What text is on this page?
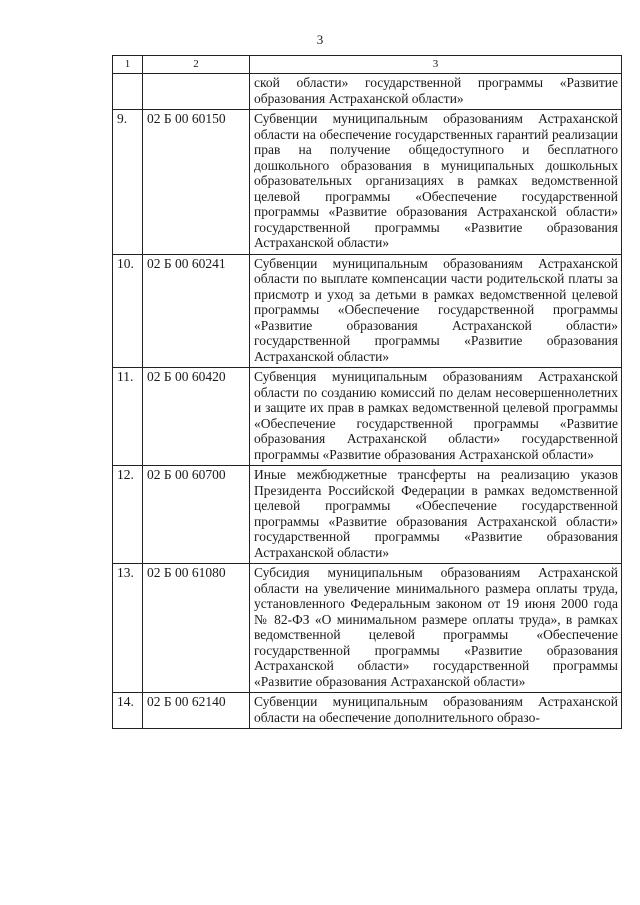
3
1	2	3
		ской области» государственной программы «Развитие образования Астраханской области»
9.	02 Б 00 60150	Субвенции муниципальным образованиям Астраханской области на обеспечение государственных гарантий реализации прав на получение общедоступного и бесплатного дошкольного образования в муниципальных дошкольных образовательных организациях в рамках ведомственной целевой программы «Обеспечение государственной программы «Развитие образования Астраханской области» государственной программы «Развитие образования Астраханской области»
10.	02 Б 00 60241	Субвенции муниципальным образованиям Астраханской области по выплате компенсации части родительской платы за присмотр и уход за детьми в рамках ведомственной целевой программы «Обеспечение государственной программы «Развитие образования Астраханской области» государственной программы «Развитие образования Астраханской области»
11.	02 Б 00 60420	Субвенция муниципальным образованиям Астраханской области по созданию комиссий по делам несовершеннолетних и защите их прав в рамках ведомственной целевой программы «Обеспечение государственной программы «Развитие образования Астраханской области» государственной программы «Развитие образования Астраханской области»
12.	02 Б 00 60700	Иные межбюджетные трансферты на реализацию указов Президента Российской Федерации в рамках ведомственной целевой программы «Обеспечение государственной программы «Развитие образования Астраханской области» государственной программы «Развитие образования Астраханской области»
13.	02 Б 00 61080	Субсидия муниципальным образованиям Астраханской области на увеличение минимального размера оплаты труда, установленного Федеральным законом от 19 июня 2000 года № 82-ФЗ «О минимальном размере оплаты труда», в рамках ведомственной целевой программы «Обеспечение государственной программы «Развитие образования Астраханской области» государственной программы «Развитие образования Астраханской области»
14.	02 Б 00 62140	Субвенции муниципальным образованиям Астраханской области на обеспечение дополнительного образо-
